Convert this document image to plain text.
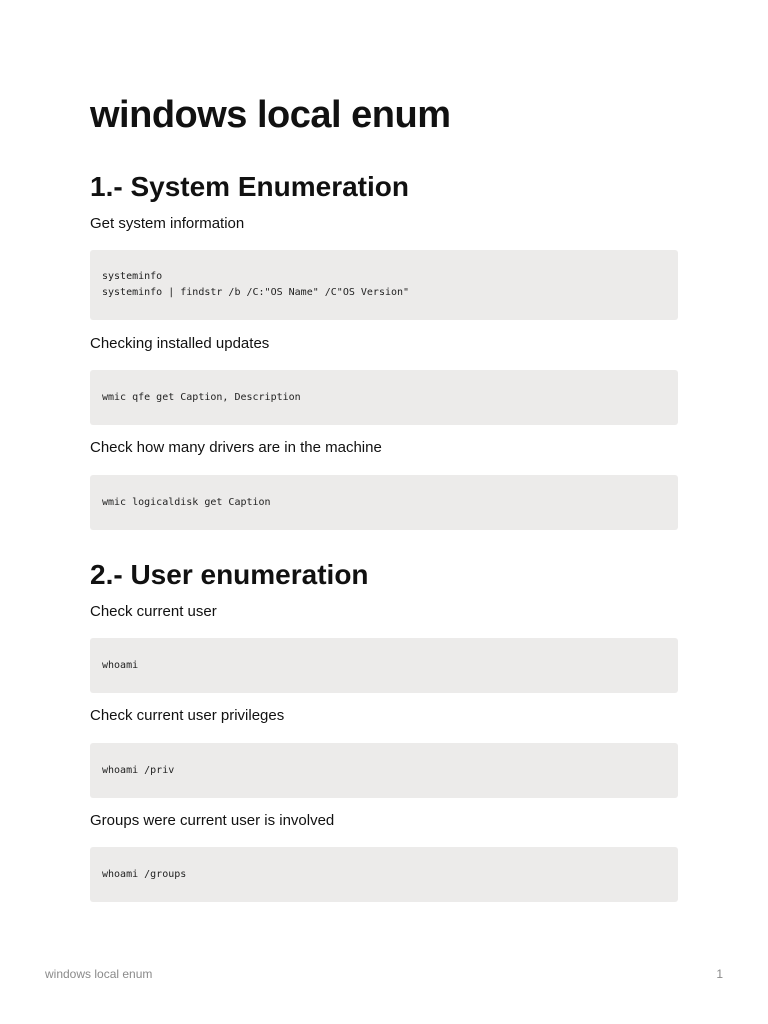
windows local enum
1.- System Enumeration

Get system information

systeminfo
systeminfo | findstr /b /C:"OS Name" /C"OS Version"

Checking installed updates

wmic qfe get Caption, Description

Check how many drivers are in the machine

wmic logicaldisk get Caption
2.- User enumeration

Check current user

whoami

Check current user privileges

whoami /priv

Groups were current user is involved

whoami /groups
windows local enum	1
